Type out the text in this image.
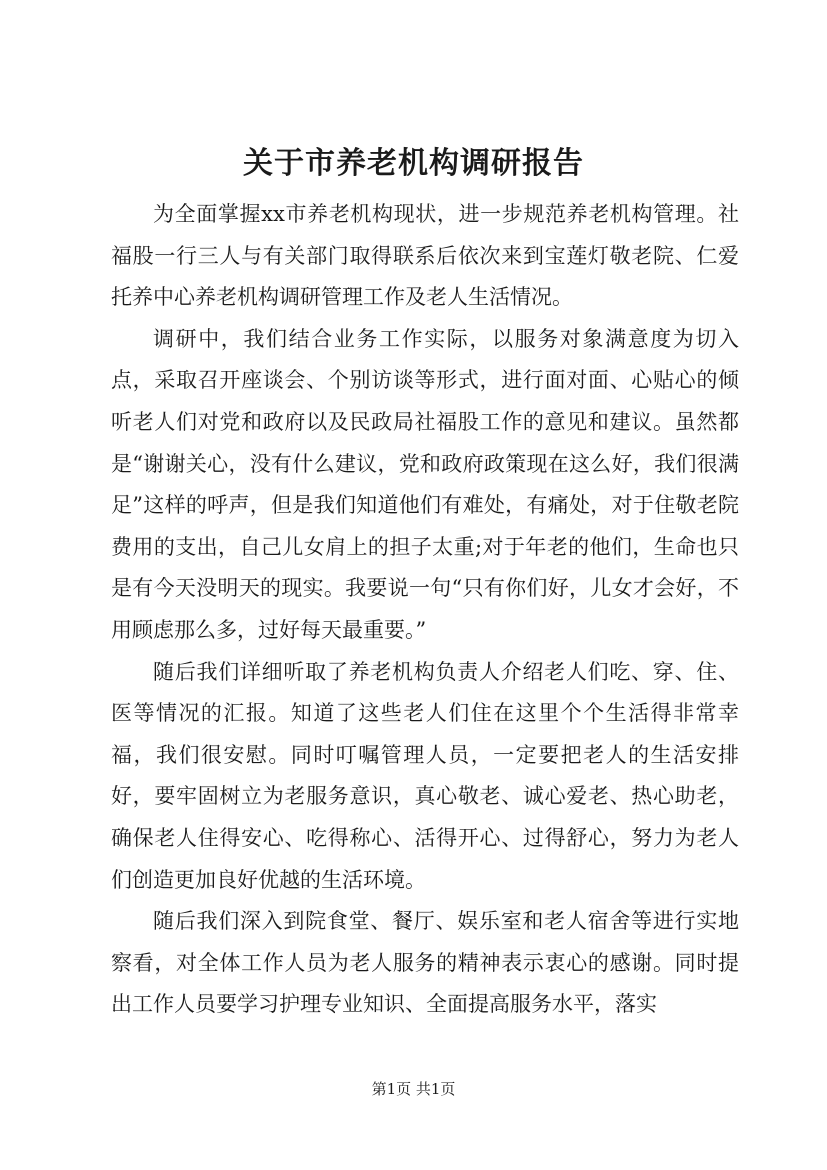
关于市养老机构调研报告

为全面掌握xx市养老机构现状，进一步规范养老机构管理。社福股一行三人与有关部门取得联系后依次来到宝莲灯敬老院、仁爱托养中心养老机构调研管理工作及老人生活情况。

调研中，我们结合业务工作实际，以服务对象满意度为切入点，采取召开座谈会、个别访谈等形式，进行面对面、心贴心的倾听老人们对党和政府以及民政局社福股工作的意见和建议。虽然都是“谢谢关心，没有什么建议，党和政府政策现在这么好，我们很满足”这样的呼声，但是我们知道他们有难处，有痛处，对于住敬老院费用的支出，自己儿女肩上的担子太重;对于年老的他们，生命也只是有今天没明天的现实。我要说一句“只有你们好，儿女才会好，不用顾虑那么多，过好每天最重要。”

随后我们详细听取了养老机构负责人介绍老人们吃、穿、住、医等情况的汇报。知道了这些老人们住在这里个个生活得非常幸福，我们很安慰。同时叮嘱管理人员，一定要把老人的生活安排好，要牢固树立为老服务意识，真心敬老、诚心爱老、热心助老，确保老人住得安心、吃得称心、活得开心、过得舒心，努力为老人们创造更加良好优越的生活环境。

随后我们深入到院食堂、餐厅、娱乐室和老人宿舍等进行实地察看，对全体工作人员为老人服务的精神表示衷心的感谢。同时提出工作人员要学习护理专业知识、全面提高服务水平，落实

第1页 共1页
